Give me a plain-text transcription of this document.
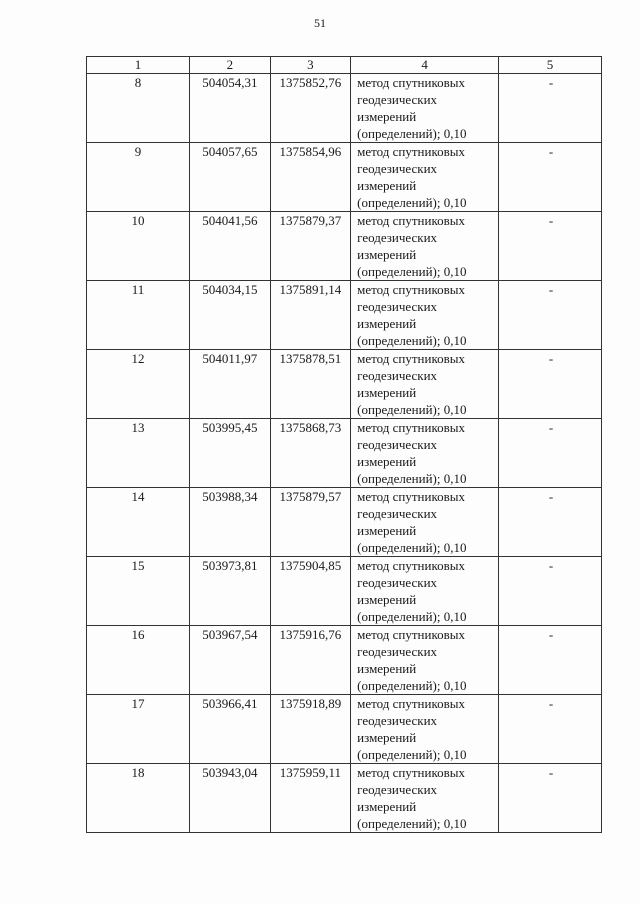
51
1	2	3	4	5

8	504054,31	1375852,76	метод спутниковых
геодезических
измерений
(определений); 0,10	-

9	504057,65	1375854,96	метод спутниковых
геодезических
измерений
(определений); 0,10	-

10	504041,56	1375879,37	метод спутниковых
геодезических
измерений
(определений); 0,10	-

11	504034,15	1375891,14	метод спутниковых
геодезических
измерений
(определений); 0,10	-

12	504011,97	1375878,51	метод спутниковых
геодезических
измерений
(определений); 0,10	-

13	503995,45	1375868,73	метод спутниковых
геодезических
измерений
(определений); 0,10	-

14	503988,34	1375879,57	метод спутниковых
геодезических
измерений
(определений); 0,10	-

15	503973,81	1375904,85	метод спутниковых
геодезических
измерений
(определений); 0,10	-

16	503967,54	1375916,76	метод спутниковых
геодезических
измерений
(определений); 0,10	-

17	503966,41	1375918,89	метод спутниковых
геодезических
измерений
(определений); 0,10	-

18	503943,04	1375959,11	метод спутниковых
геодезических
измерений
(определений); 0,10	-
